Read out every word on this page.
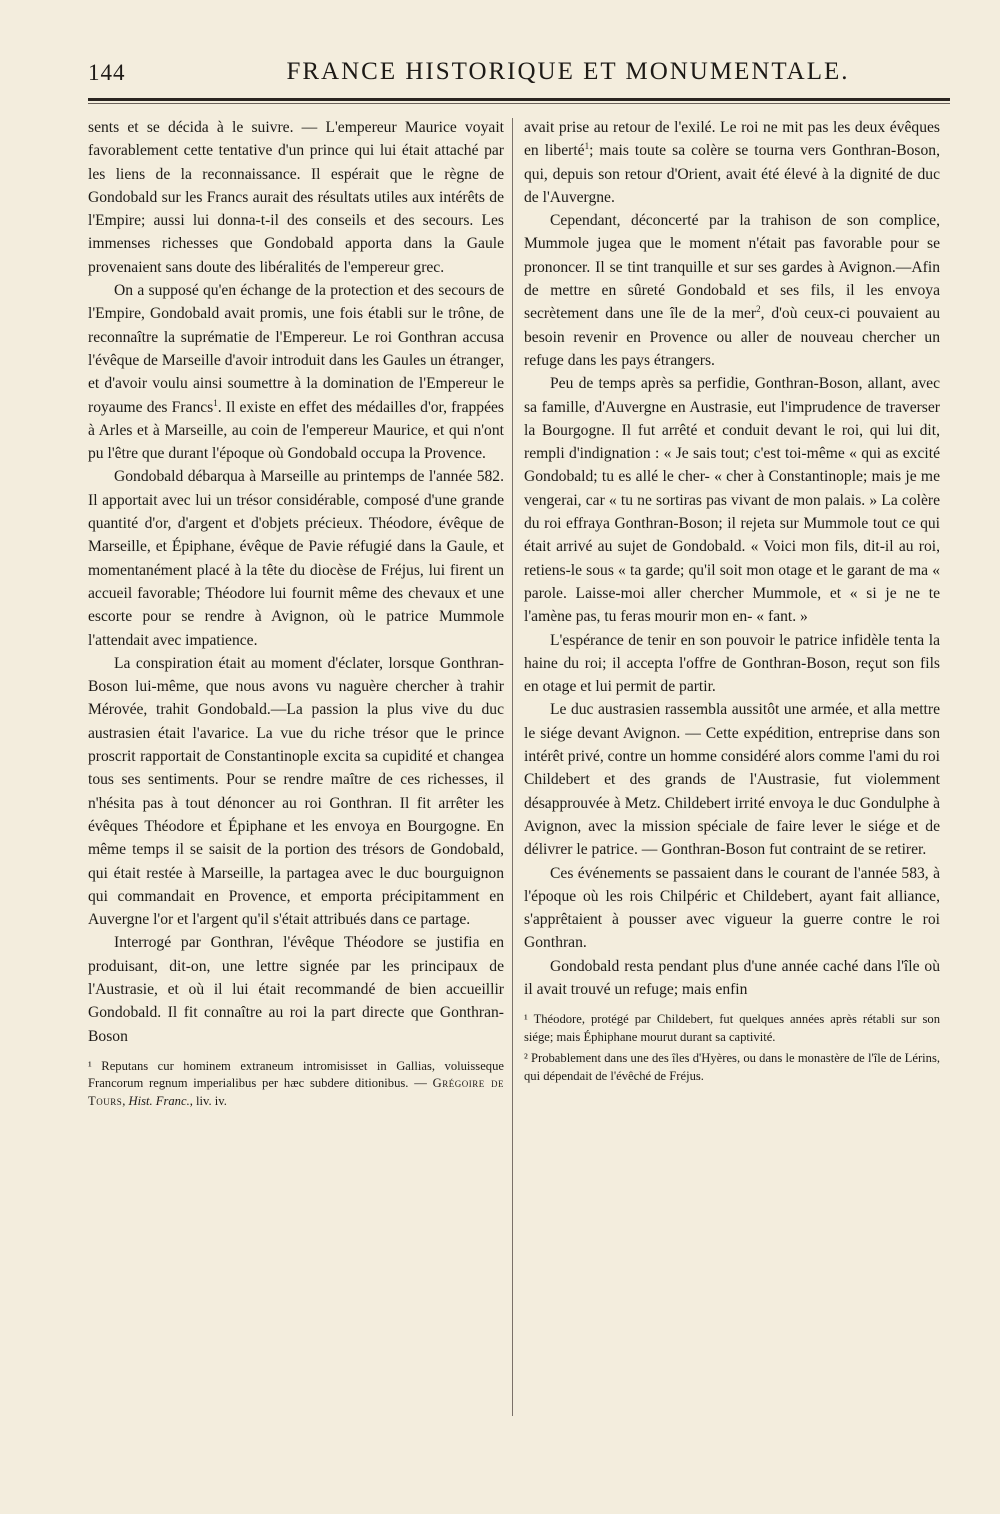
144	FRANCE HISTORIQUE ET MONUMENTALE.

sents et se décida à le suivre. — L'empereur Maurice voyait favorablement cette tentative d'un prince qui lui était attaché par les liens de la reconnaissance. Il espérait que le règne de Gondobald sur les Francs aurait des résultats utiles aux intérêts de l'Empire; aussi lui donna-t-il des conseils et des secours. Les immenses richesses que Gondobald apporta dans la Gaule provenaient sans doute des libéralités de l'empereur grec.

On a supposé qu'en échange de la protection et des secours de l'Empire, Gondobald avait promis, une fois établi sur le trône, de reconnaître la suprématie de l'Empereur. Le roi Gonthran accusa l'évêque de Marseille d'avoir introduit dans les Gaules un étranger, et d'avoir voulu ainsi soumettre à la domination de l'Empereur le royaume des Francs$^1$. Il existe en effet des médailles d'or, frappées à Arles et à Marseille, au coin de l'empereur Maurice, et qui n'ont pu l'être que durant l'époque où Gondobald occupa la Provence.

Gondobald débarqua à Marseille au printemps de l'année 582. Il apportait avec lui un trésor considérable, composé d'une grande quantité d'or, d'argent et d'objets précieux. Théodore, évêque de Marseille, et Épiphane, évêque de Pavie réfugié dans la Gaule, et momentanément placé à la tête du diocèse de Fréjus, lui firent un accueil favorable; Théodore lui fournit même des chevaux et une escorte pour se rendre à Avignon, où le patrice Mummole l'attendait avec impatience.

La conspiration était au moment d'éclater, lorsque Gonthran-Boson lui-même, que nous avons vu naguère chercher à trahir Mérovée, trahit Gondobald.—La passion la plus vive du duc austrasien était l'avarice. La vue du riche trésor que le prince proscrit rapportait de Constantinople excita sa cupidité et changea tous ses sentiments. Pour se rendre maître de ces richesses, il n'hésita pas à tout dénoncer au roi Gonthran. Il fit arrêter les évêques Théodore et Épiphane et les envoya en Bourgogne. En même temps il se saisit de la portion des trésors de Gondobald, qui était restée à Marseille, la partagea avec le duc bourguignon qui commandait en Provence, et emporta précipitamment en Auvergne l'or et l'argent qu'il s'était attribués dans ce partage.

Interrogé par Gonthran, l'évêque Théodore se justifia en produisant, dit-on, une lettre signée par les principaux de l'Austrasie, et où il lui était recommandé de bien accueillir Gondobald. Il fit connaître au roi la part directe que Gonthran-Boson

¹ Reputans cur hominem extraneum intromisisset in Gallias, voluisseque Francorum regnum imperialibus per hæc subdere ditionibus. — Grégoire de Tours, Hist. Franc., liv. iv.

avait prise au retour de l'exilé. Le roi ne mit pas les deux évêques en liberté$^1$; mais toute sa colère se tourna vers Gonthran-Boson, qui, depuis son retour d'Orient, avait été élevé à la dignité de duc de l'Auvergne.

Cependant, déconcerté par la trahison de son complice, Mummole jugea que le moment n'était pas favorable pour se prononcer. Il se tint tranquille et sur ses gardes à Avignon.—Afin de mettre en sûreté Gondobald et ses fils, il les envoya secrètement dans une île de la mer$^2$, d'où ceux-ci pouvaient au besoin revenir en Provence ou aller de nouveau chercher un refuge dans les pays étrangers.

Peu de temps après sa perfidie, Gonthran-Boson, allant, avec sa famille, d'Auvergne en Austrasie, eut l'imprudence de traverser la Bourgogne. Il fut arrêté et conduit devant le roi, qui lui dit, rempli d'indignation : « Je sais tout; c'est toi-même « qui as excité Gondobald; tu es allé le cher- « cher à Constantinople; mais je me vengerai, car « tu ne sortiras pas vivant de mon palais. » La colère du roi effraya Gonthran-Boson; il rejeta sur Mummole tout ce qui était arrivé au sujet de Gondobald. « Voici mon fils, dit-il au roi, retiens-le sous « ta garde; qu'il soit mon otage et le garant de ma « parole. Laisse-moi aller chercher Mummole, et « si je ne te l'amène pas, tu feras mourir mon en- « fant. »

L'espérance de tenir en son pouvoir le patrice infidèle tenta la haine du roi; il accepta l'offre de Gonthran-Boson, reçut son fils en otage et lui permit de partir.

Le duc austrasien rassembla aussitôt une armée, et alla mettre le siége devant Avignon. — Cette expédition, entreprise dans son intérêt privé, contre un homme considéré alors comme l'ami du roi Childebert et des grands de l'Austrasie, fut violemment désapprouvée à Metz. Childebert irrité envoya le duc Gondulphe à Avignon, avec la mission spéciale de faire lever le siége et de délivrer le patrice. — Gonthran-Boson fut contraint de se retirer.

Ces événements se passaient dans le courant de l'année 583, à l'époque où les rois Chilpéric et Childebert, ayant fait alliance, s'apprêtaient à pousser avec vigueur la guerre contre le roi Gonthran.

Gondobald resta pendant plus d'une année caché dans l'île où il avait trouvé un refuge; mais enfin

¹ Théodore, protégé par Childebert, fut quelques années après rétabli sur son siége; mais Éphiphane mourut durant sa captivité.

² Probablement dans une des îles d'Hyères, ou dans le monastère de l'île de Lérins, qui dépendait de l'évêché de Fréjus.
